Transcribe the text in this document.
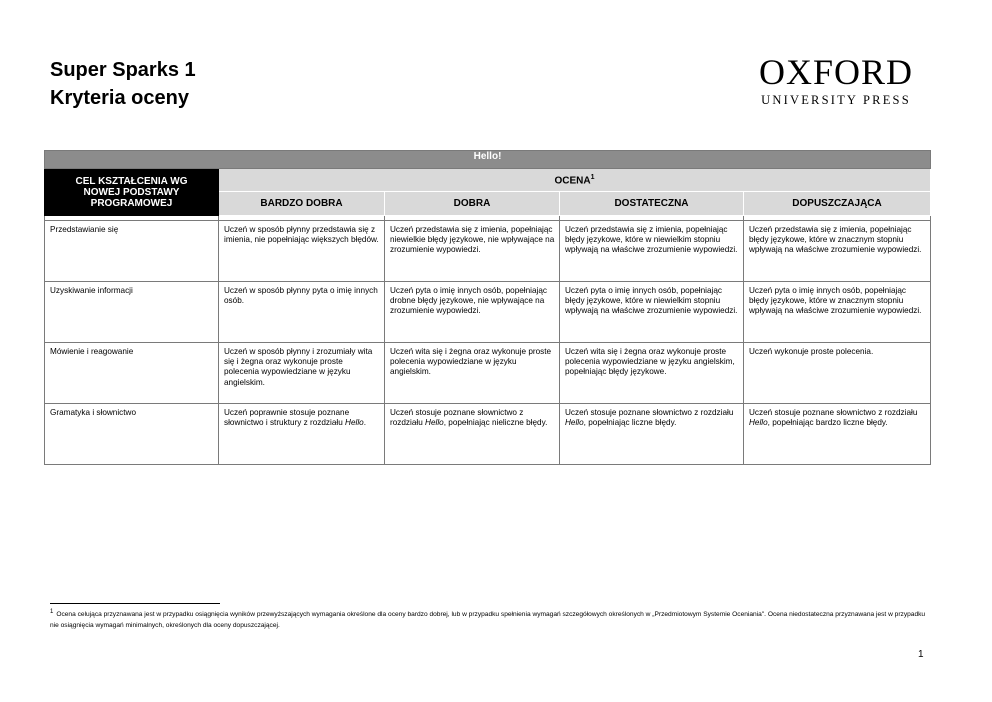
Super Sparks 1
Kryteria oceny
OXFORD
UNIVERSITY PRESS
Hello!				
CEL KSZTAŁCENIA WG NOWEJ PODSTAWY PROGRAMOWEJ	OCENA$^1$
	BARDZO DOBRA	DOBRA	DOSTATECZNA	DOPUSZCZAJĄCA

Przedstawianie się	Uczeń w sposób płynny przedstawia się z imienia, nie popełniając większych błędów.	Uczeń przedstawia się z imienia, popełniając niewielkie błędy językowe, nie wpływające na zrozumienie wypowiedzi.	Uczeń przedstawia się z imienia, popełniając błędy językowe, które w niewielkim stopniu wpływają na właściwe zrozumienie wypowiedzi.	Uczeń przedstawia się z imienia, popełniając błędy językowe, które w znacznym stopniu wpływają na właściwe zrozumienie wypowiedzi.
Uzyskiwanie informacji	Uczeń w sposób płynny pyta o imię innych osób.	Uczeń pyta o imię innych osób, popełniając drobne błędy językowe, nie wpływające na zrozumienie wypowiedzi.	Uczeń pyta o imię innych osób, popełniając błędy językowe, które w niewielkim stopniu wpływają na właściwe zrozumienie wypowiedzi.	Uczeń pyta o imię innych osób, popełniając błędy językowe, które w znacznym stopniu wpływają na właściwe zrozumienie wypowiedzi.
Mówienie i reagowanie	Uczeń w sposób płynny i zrozumiały wita się i żegna oraz wykonuje proste polecenia wypowiedziane w języku angielskim.	Uczeń wita się i żegna oraz wykonuje proste polecenia wypowiedziane w języku angielskim.	Uczeń wita się i żegna oraz wykonuje proste polecenia wypowiedziane w języku angielskim, popełniając błędy językowe.	Uczeń wykonuje proste polecenia.
Gramatyka i słownictwo	Uczeń poprawnie stosuje poznane słownictwo i struktury z rozdziału Hello.	Uczeń stosuje poznane słownictwo z rozdziału Hello, popełniając nieliczne błędy.	Uczeń stosuje poznane słownictwo z rozdziału Hello, popełniając liczne błędy.	Uczeń stosuje poznane słownictwo z rozdziału Hello, popełniając bardzo liczne błędy.
$^1$ Ocena celująca przyznawana jest w przypadku osiągnięcia wyników przewyższających wymagania określone dla oceny bardzo dobrej, lub w przypadku spełnienia wymagań szczegółowych określonych w „Przedmiotowym Systemie Oceniania". Ocena niedostateczna przyznawana jest w przypadku nie osiągnięcia wymagań minimalnych, określonych dla oceny dopuszczającej.
1
